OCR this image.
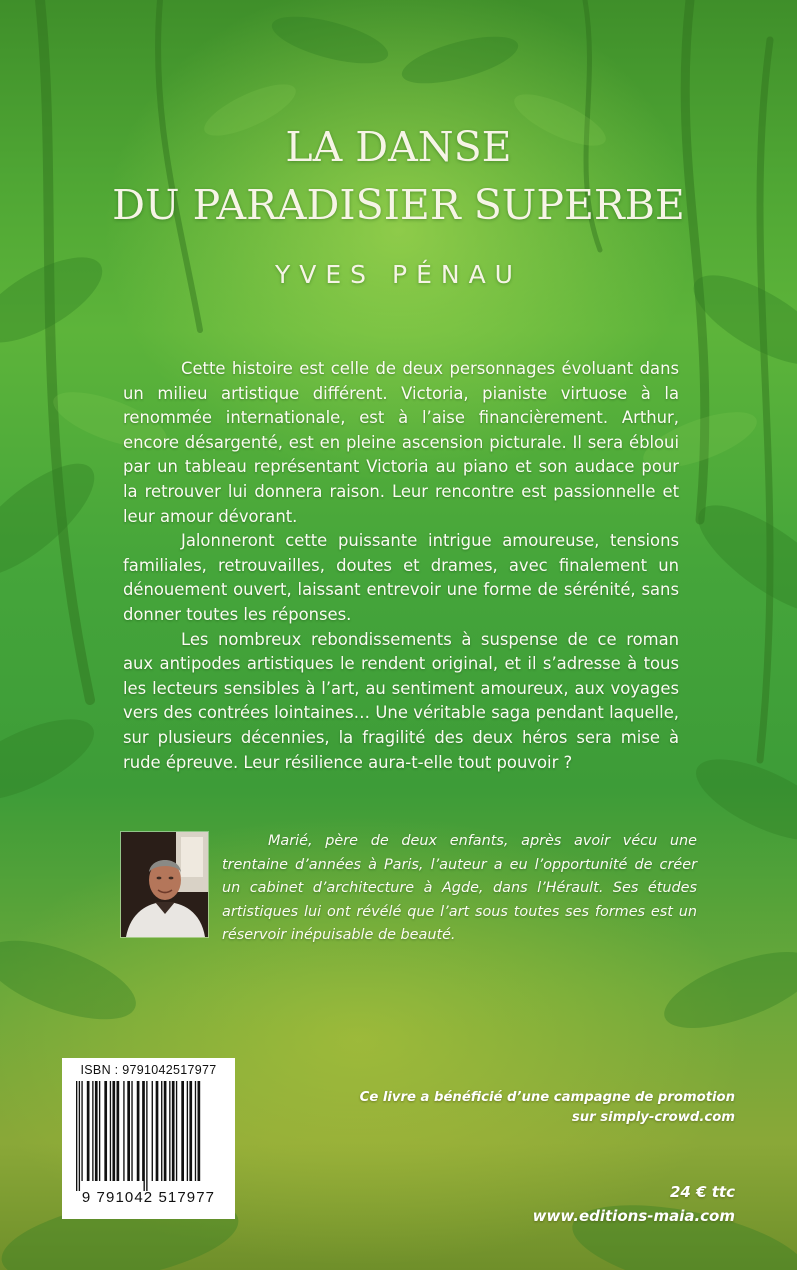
LA DANSE
DU PARADISIER SUPERBE
YVES PÉNAU

Cette histoire est celle de deux personnages évoluant dans un milieu artistique différent. Victoria, pianiste virtuose à la renommée internationale, est à l’aise financièrement. Arthur, encore désargenté, est en pleine ascension picturale. Il sera ébloui par un tableau représentant Victoria au piano et son audace pour la retrouver lui donnera raison. Leur rencontre est passionnelle et leur amour dévorant.

Jalonneront cette puissante intrigue amoureuse, tensions familiales, retrouvailles, doutes et drames, avec finalement un dénouement ouvert, laissant entrevoir une forme de sérénité, sans donner toutes les réponses.

Les nombreux rebondissements à suspense de ce roman aux antipodes artistiques le rendent original, et il s’adresse à tous les lecteurs sensibles à l’art, au sentiment amoureux, aux voyages vers des contrées lointaines… Une véritable saga pendant laquelle, sur plusieurs décennies, la fragilité des deux héros sera mise à rude épreuve. Leur résilience aura-t-elle tout pouvoir ?

Marié, père de deux enfants, après avoir vécu une trentaine d’années à Paris, l’auteur a eu l’opportunité de créer un cabinet d’architecture à Agde, dans l’Hérault. Ses études artistiques lui ont révélé que l’art sous toutes ses formes est un réservoir inépuisable de beauté.

ISBN : 9791042517977
9 791042 517977
Ce livre a bénéficié d’une campagne de promotion
sur simply-crowd.com
24 € ttc
www.editions-maia.com
